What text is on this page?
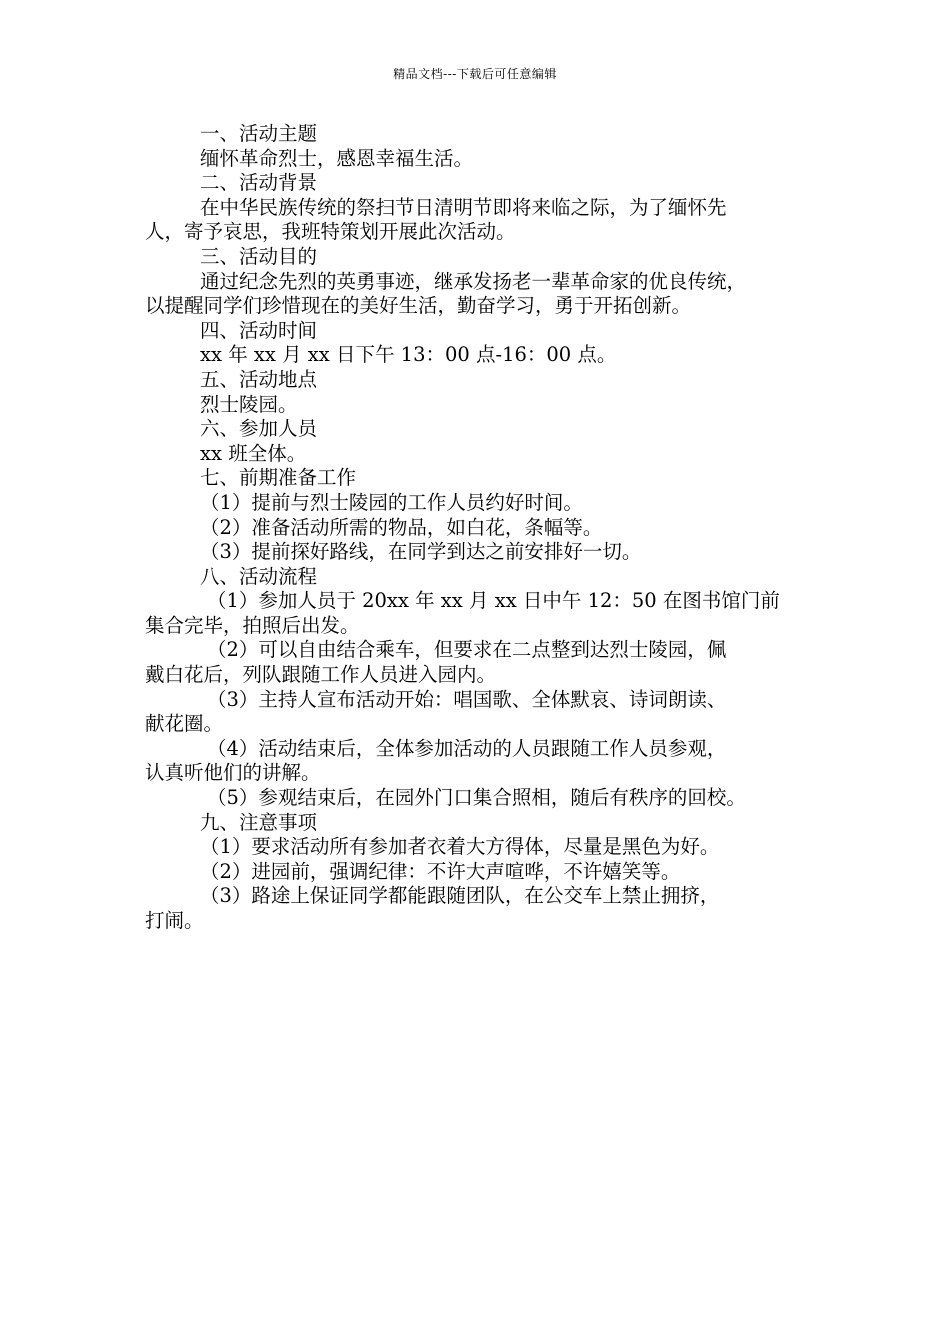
精品文档---下载后可任意编辑

一、活动主题

缅怀革命烈士，感恩幸福生活。

二、活动背景

在中华民族传统的祭扫节日清明节即将来临之际，为了缅怀先

人，寄予哀思，我班特策划开展此次活动。

三、活动目的

通过纪念先烈的英勇事迹，继承发扬老一辈革命家的优良传统，

以提醒同学们珍惜现在的美好生活，勤奋学习，勇于开拓创新。

四、活动时间

xx 年 xx 月 xx 日下午 13：00 点-16：00 点。

五、活动地点

烈士陵园。

六、参加人员

xx 班全体。

七、前期准备工作

（1）提前与烈士陵园的工作人员约好时间。

（2）准备活动所需的物品，如白花，条幅等。

（3）提前探好路线，在同学到达之前安排好一切。

八、活动流程

（1）参加人员于 20xx 年 xx 月 xx 日中午 12：50 在图书馆门前

集合完毕，拍照后出发。

（2）可以自由结合乘车，但要求在二点整到达烈士陵园，佩

戴白花后，列队跟随工作人员进入园内。

（3）主持人宣布活动开始：唱国歌、全体默哀、诗词朗读、

献花圈。

（4）活动结束后，全体参加活动的人员跟随工作人员参观，

认真听他们的讲解。

（5）参观结束后，在园外门口集合照相，随后有秩序的回校。

九、注意事项

（1）要求活动所有参加者衣着大方得体，尽量是黑色为好。

（2）进园前，强调纪律：不许大声喧哗，不许嬉笑等。

（3）路途上保证同学都能跟随团队，在公交车上禁止拥挤，

打闹。
